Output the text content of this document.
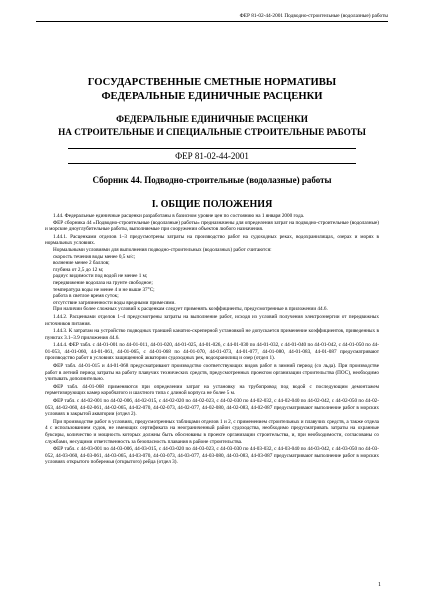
ФЕР 81-02-44-2001 Подводно-строительные (водолазные) работы
ГОСУДАРСТВЕННЫЕ СМЕТНЫЕ НОРМАТИВЫ
ФЕДЕРАЛЬНЫЕ ЕДИНИЧНЫЕ РАСЦЕНКИ
ФЕДЕРАЛЬНЫЕ ЕДИНИЧНЫЕ РАСЦЕНКИ
НА СТРОИТЕЛЬНЫЕ И СПЕЦИАЛЬНЫЕ СТРОИТЕЛЬНЫЕ РАБОТЫ
ФЕР 81-02-44-2001
Сборник 44. Подводно-строительные (водолазные) работы
I. ОБЩИЕ ПОЛОЖЕНИЯ

1.44. Федеральные единичные расценки разработаны в базисном уровне цен по состоянию на 1 января 2000 года.

ФЕР сборника 44 «Подводно-строительные (водолазные) работы» предназначены для определения затрат на подводно-строительные (водолазные) и морские дноуглубительные работы, выполняемые при сооружении объектов любого назначения.

1.44.1. Расценками отделов 1–3 предусмотрены затраты на производство работ на судоходных реках, водохранилищах, озерах и морях в нормальных условиях.

Нормальными условиями для выполнения подводно-строительных (водолазных) работ считаются:

скорость течения воды менее 0,5 м/с;

волнение менее 2 баллов;

глубина от 2,5 до 12 м;

радиус видимости под водой не менее 1 м;

передвижение водолаза на грунте свободное;

температура воды не менее 4 и не выше 37°C;

работа в светлое время суток;

отсутствие загрязненности воды вредными примесями.

При наличии более сложных условий к расценкам следует применять коэффициенты, предусмотренные в приложении 44.6.

1.44.2. Расценками отделов 1–4 предусмотрены затраты на выполнение работ, исходя из условий получения электроэнергии от передвижных источников питания.

1.44.3. К затратам на устройство подводных траншей канатно-скреперной установкой не допускается применение коэффициентов, приведенных в пунктах 3.1–3.9 приложения 44.6.

1.44.4. ФЕР табл. с 44-01-001 по 44-01-011, 44-01-020, 44-01-025, 44-01-026, с 44-01-030 по 44-01-032, с 44-01-040 по 44-01-042, с 44-01-050 по 44-01-053, 44-01-060, 44-01-061, 44-01-065, с 44-01-068 по 44-01-070, 44-01-073, 44-01-077, 44-01-080, 44-01-083, 44-01-087 предусматривают производство работ в условиях защищенной акватории судоходных рек, водохранилищ и озер (отдел 1).

ФЕР табл. 44-01-015 и 44-01-068 предусматривают производство соответствующих видов работ в зимний период (со льда). При производстве работ в летний период затраты на работу плавучих технических средств, предусмотренных проектом организации строительства (ПОС), необходимо учитывать дополнительно.

ФЕР табл. 44-01-068 применяются при определении затрат на установку на трубопровод под водой с последующим демонтажем герметизирующих камер коробчатого и шахтного типа с длиной корпуса не более 5 м.

ФЕР табл. с 44-02-001 по 44-02-006, 44-02-015, с 44-02-020 по 44-02-023, с 44-02-030 по 44-02-032, с 44-02-040 по 44-02-042, с 44-02-050 по 44-02-053, 44-02-060, 44-02-061, 44-02-065, 44-02-070, 44-02-073, 44-02-077, 44-02-080, 44-02-083, 44-02-087 предусматривают выполнение работ в морских условиях в закрытой акватории (отдел 2).

При производстве работ в условиях, предусмотренных таблицами отделов 1 и 2, с применением строительных и плавучих средств, а также отдела 4 с использованием судов, не имеющих сертификата на неограниченный район судоходства, необходимо предусматривать затраты на охранные буксиры, количество и мощность которых должны быть обоснованы в проекте организации строительства, и, при необходимости, согласованы со службами, несущими ответственность за безопасность плавания в районе строительства.

ФЕР табл. с 44-03-001 по 44-03-006, 44-03-015, с 44-03-020 по 44-03-023, с 44-03-030 по 44-03-032, с 44-03-040 по 44-03-042, с 44-03-050 по 44-03-052, 44-03-060, 44-03-061, 44-03-065, 44-03-070, 44-03-073, 44-03-077, 44-03-080, 44-03-083, 44-03-087 предусматривают выполнение работ в морских условиях открытого побережья (открытого) рейда (отдел 3).

1
